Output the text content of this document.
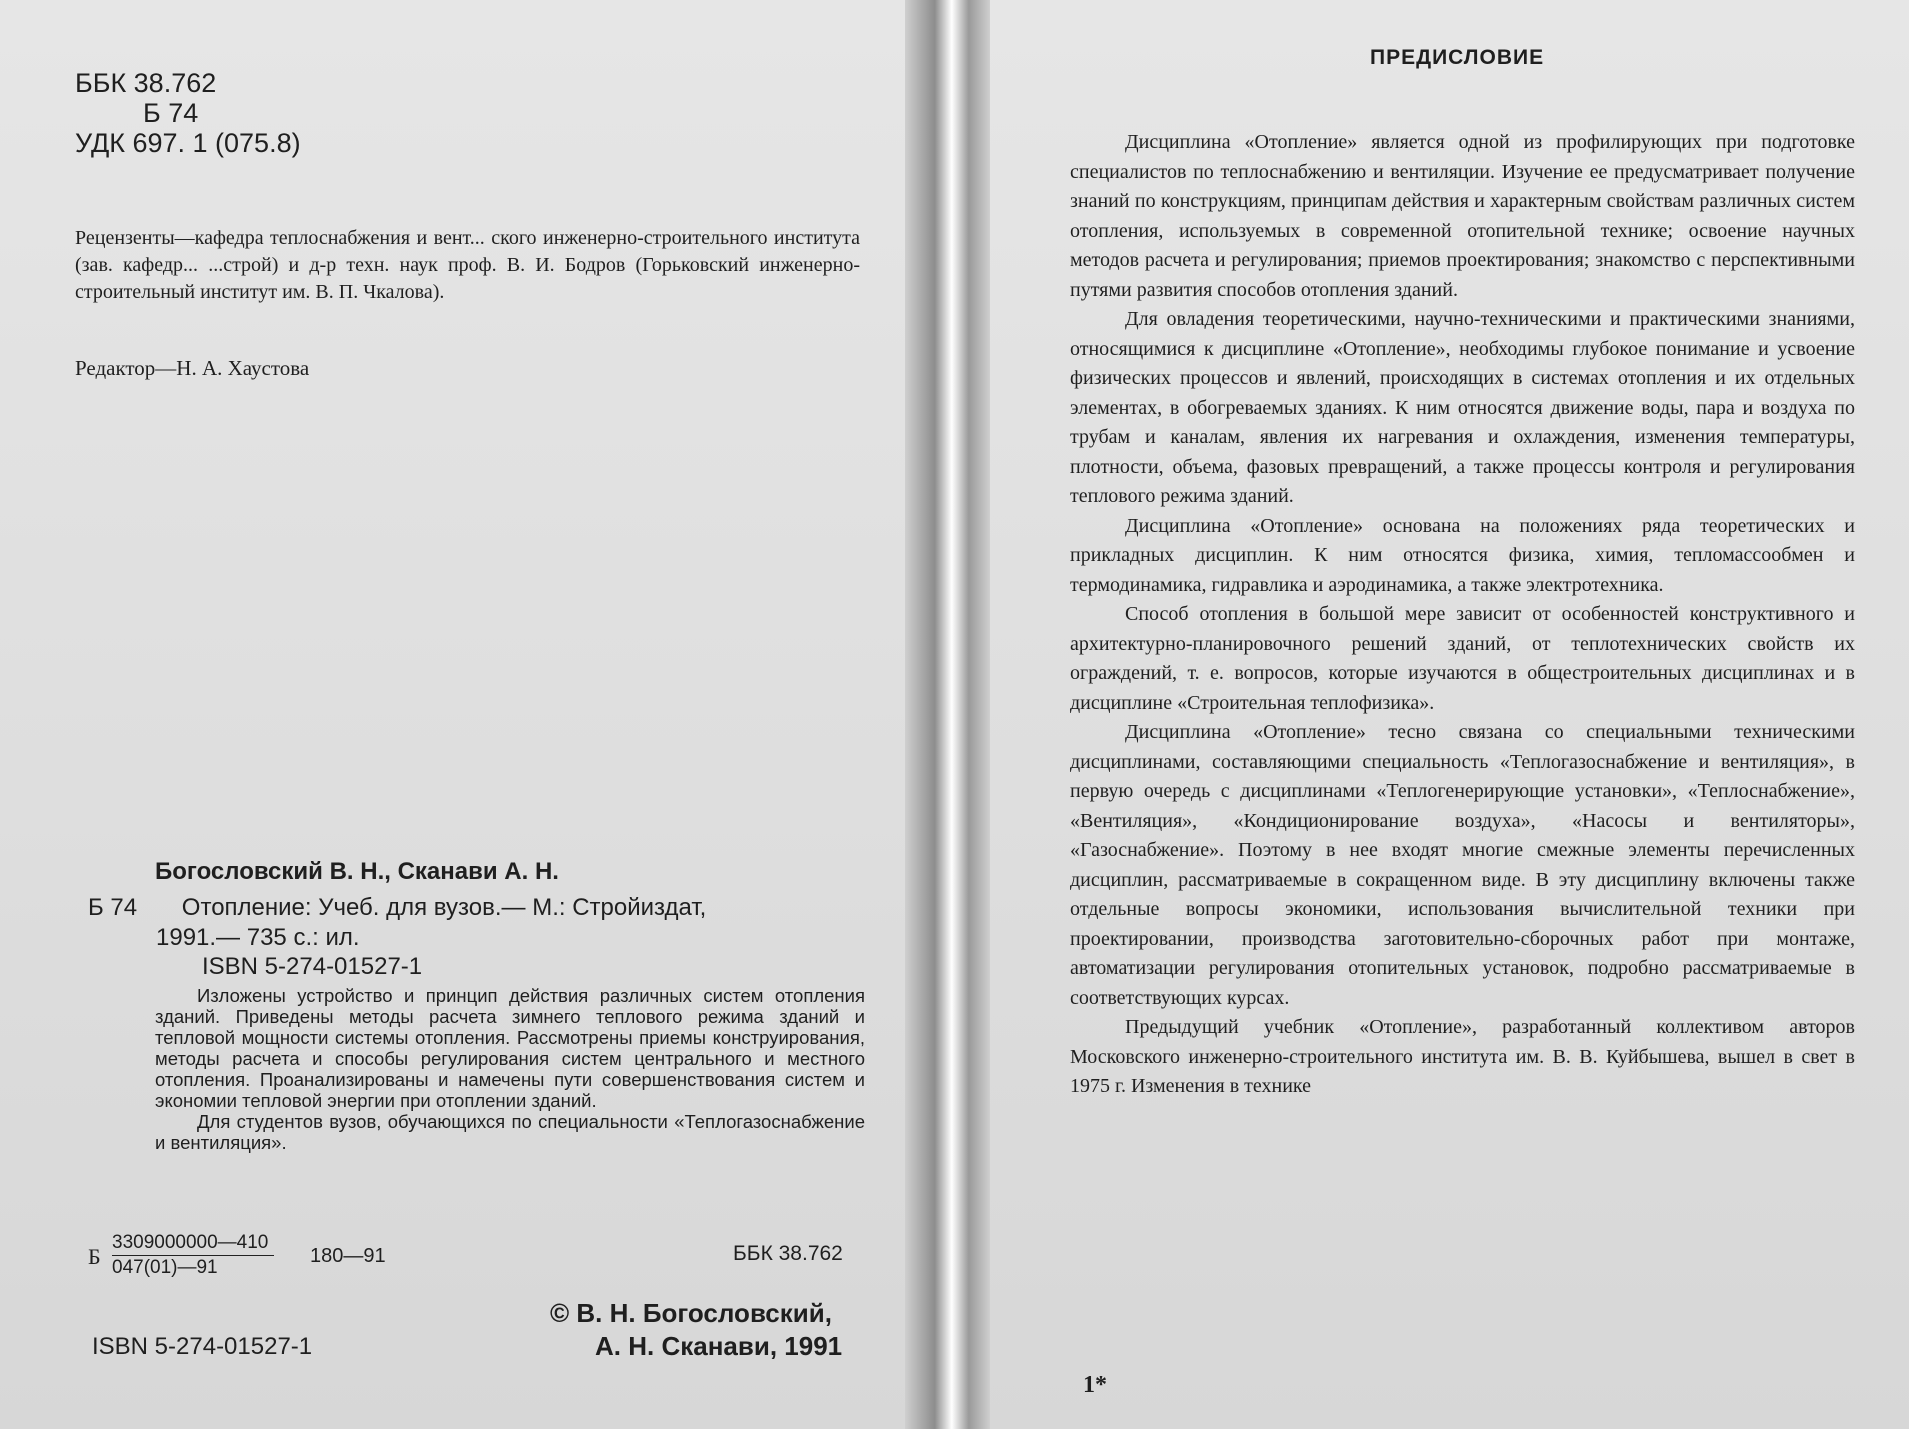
ББК 38.762
Б 74
УДК 697. 1 (075.8)
Рецензенты—кафедра теплоснабжения и вент... ского инженерно-строительного института (зав. кафедр... ...строй) и д-р техн. наук проф. В. И. Бодров (Горьковский инженерно-строительный институт им. В. П. Чкалова).
Редактор—Н. А. Хаустова
Богословский В. Н., Сканави А. Н.
Б 74 Отопление: Учеб. для вузов.— М.: Стройиздат,
1991.— 735 с.: ил.
ISBN 5-274-01527-1

Изложены устройство и принцип действия различных систем отопления зданий. Приведены методы расчета зимнего теплового режима зданий и тепловой мощности системы отопления. Рассмотрены приемы конструирования, методы расчета и способы регулирования систем центрального и местного отопления. Проанализированы и намечены пути совершенствования систем и экономии тепловой энергии при отоплении зданий.

Для студентов вузов, обучающихся по специальности «Теплогазоснабжение и вентиляция».

Б $\frac{3309000000—410}{047(01)—91}$ 180—91	ББК 38.762
© В. Н. Богословский,
А. Н. Сканави, 1991
ISBN 5-274-01527-1
ПРЕДИСЛОВИЕ

Дисциплина «Отопление» является одной из профилирующих при подготовке специалистов по теплоснабжению и вентиляции. Изучение ее предусматривает получение знаний по конструкциям, принципам действия и характерным свойствам различных систем отопления, используемых в современной отопительной технике; освоение научных методов расчета и регулирования; приемов проектирования; знакомство с перспективными путями развития способов отопления зданий.

Для овладения теоретическими, научно-техническими и практическими знаниями, относящимися к дисциплине «Отопление», необходимы глубокое понимание и усвоение физических процессов и явлений, происходящих в системах отопления и их отдельных элементах, в обогреваемых зданиях. К ним относятся движение воды, пара и воздуха по трубам и каналам, явления их нагревания и охлаждения, изменения температуры, плотности, объема, фазовых превращений, а также процессы контроля и регулирования теплового режима зданий.

Дисциплина «Отопление» основана на положениях ряда теоретических и прикладных дисциплин. К ним относятся физика, химия, тепломассообмен и термодинамика, гидравлика и аэродинамика, а также электротехника.

Способ отопления в большой мере зависит от особенностей конструктивного и архитектурно-планировочного решений зданий, от теплотехнических свойств их ограждений, т. е. вопросов, которые изучаются в общестроительных дисциплинах и в дисциплине «Строительная теплофизика».

Дисциплина «Отопление» тесно связана со специальными техническими дисциплинами, составляющими специальность «Теплогазоснабжение и вентиляция», в первую очередь с дисциплинами «Теплогенерирующие установки», «Теплоснабжение», «Вентиляция», «Кондиционирование воздуха», «Насосы и вентиляторы», «Газоснабжение». Поэтому в нее входят многие смежные элементы перечисленных дисциплин, рассматриваемые в сокращенном виде. В эту дисциплину включены также отдельные вопросы экономики, использования вычислительной техники при проектировании, производства заготовительно-сборочных работ при монтаже, автоматизации регулирования отопительных установок, подробно рассматриваемые в соответствующих курсах.

Предыдущий учебник «Отопление», разработанный коллективом авторов Московского инженерно-строительного института им. В. В. Куйбышева, вышел в свет в 1975 г. Изменения в технике

1*
